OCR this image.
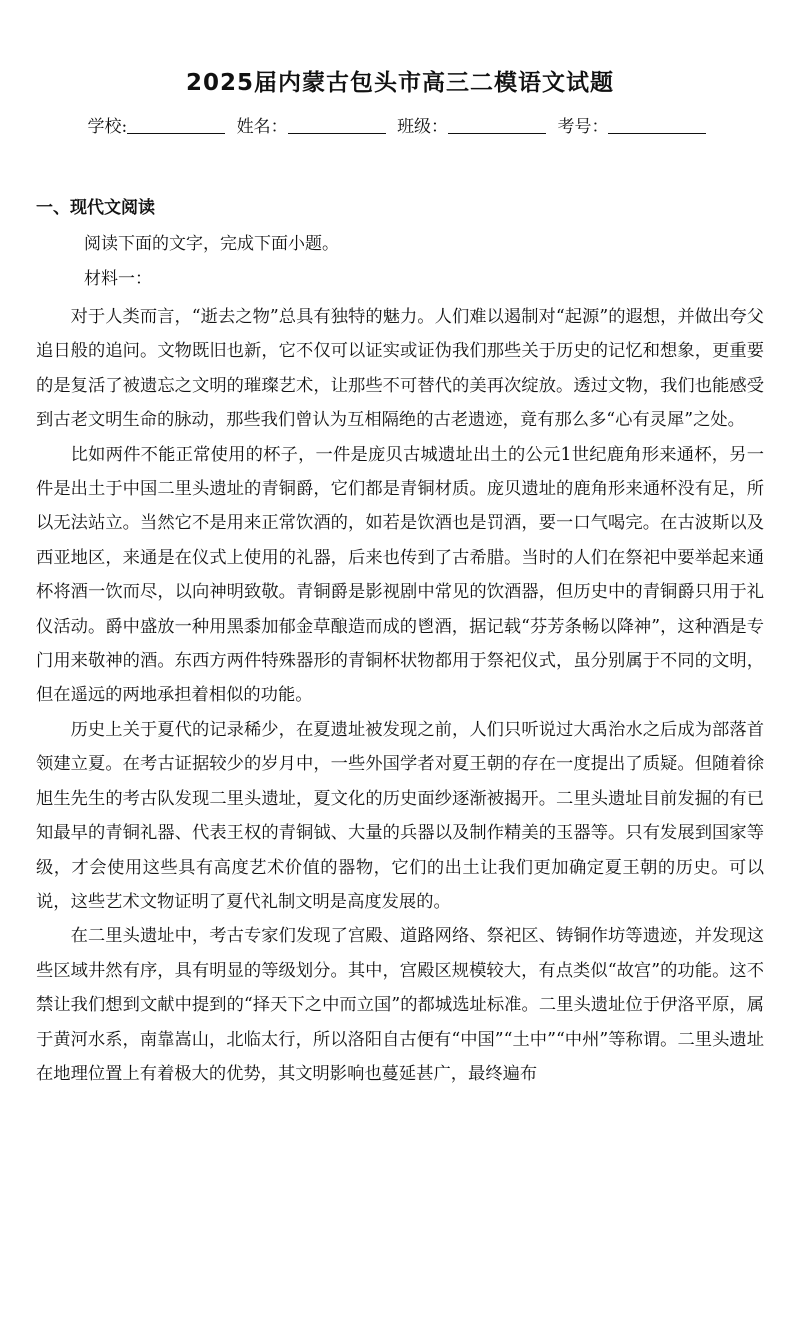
2025届内蒙古包头市高三二模语文试题
学校:	姓名：	班级：	考号：
一、现代文阅读
阅读下面的文字，完成下面小题。
材料一：

对于人类而言，“逝去之物”总具有独特的魅力。人们难以遏制对“起源”的遐想，并做出夸父追日般的追问。文物既旧也新，它不仅可以证实或证伪我们那些关于历史的记忆和想象，更重要的是复活了被遗忘之文明的璀璨艺术，让那些不可替代的美再次绽放。透过文物，我们也能感受到古老文明生命的脉动，那些我们曾认为互相隔绝的古老遗迹，竟有那么多“心有灵犀”之处。

比如两件不能正常使用的杯子，一件是庞贝古城遗址出土的公元1世纪鹿角形来通杯，另一件是出土于中国二里头遗址的青铜爵，它们都是青铜材质。庞贝遗址的鹿角形来通杯没有足，所以无法站立。当然它不是用来正常饮酒的，如若是饮酒也是罚酒，要一口气喝完。在古波斯以及西亚地区，来通是在仪式上使用的礼器，后来也传到了古希腊。当时的人们在祭祀中要举起来通杯将酒一饮而尽，以向神明致敬。青铜爵是影视剧中常见的饮酒器，但历史中的青铜爵只用于礼仪活动。爵中盛放一种用黑黍加郁金草酿造而成的鬯酒，据记载“芬芳条畅以降神”，这种酒是专门用来敬神的酒。东西方两件特殊器形的青铜杯状物都用于祭祀仪式，虽分别属于不同的文明，但在遥远的两地承担着相似的功能。

历史上关于夏代的记录稀少，在夏遗址被发现之前，人们只听说过大禹治水之后成为部落首领建立夏。在考古证据较少的岁月中，一些外国学者对夏王朝的存在一度提出了质疑。但随着徐旭生先生的考古队发现二里头遗址，夏文化的历史面纱逐渐被揭开。二里头遗址目前发掘的有已知最早的青铜礼器、代表王权的青铜钺、大量的兵器以及制作精美的玉器等。只有发展到国家等级，才会使用这些具有高度艺术价值的器物，它们的出土让我们更加确定夏王朝的历史。可以说，这些艺术文物证明了夏代礼制文明是高度发展的。

在二里头遗址中，考古专家们发现了宫殿、道路网络、祭祀区、铸铜作坊等遗迹，并发现这些区域井然有序，具有明显的等级划分。其中，宫殿区规模较大，有点类似“故宫”的功能。这不禁让我们想到文献中提到的“择天下之中而立国”的都城选址标准。二里头遗址位于伊洛平原，属于黄河水系，南靠嵩山，北临太行，所以洛阳自古便有“中国”“土中”“中州”等称谓。二里头遗址在地理位置上有着极大的优势，其文明影响也蔓延甚广，最终遍布
